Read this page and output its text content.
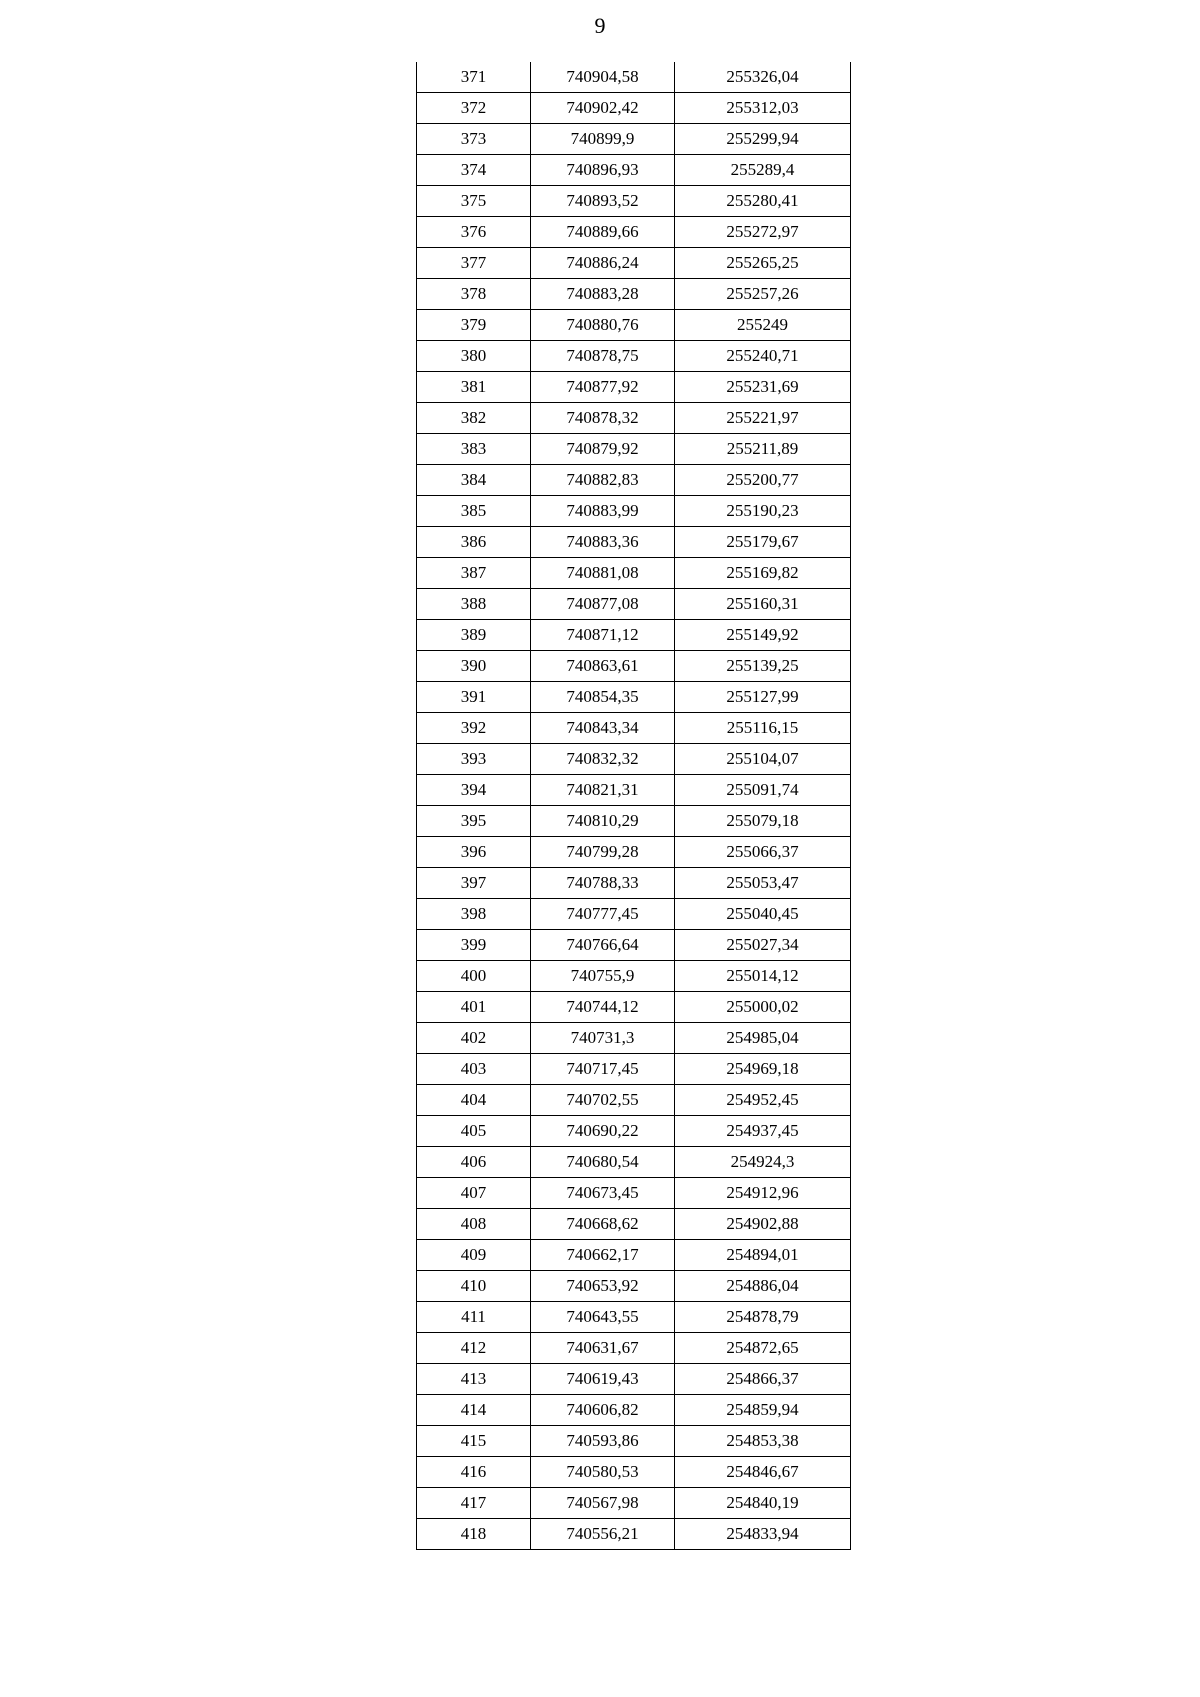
9
371	740904,58	255326,04
372	740902,42	255312,03
373	740899,9	255299,94
374	740896,93	255289,4
375	740893,52	255280,41
376	740889,66	255272,97
377	740886,24	255265,25
378	740883,28	255257,26
379	740880,76	255249
380	740878,75	255240,71
381	740877,92	255231,69
382	740878,32	255221,97
383	740879,92	255211,89
384	740882,83	255200,77
385	740883,99	255190,23
386	740883,36	255179,67
387	740881,08	255169,82
388	740877,08	255160,31
389	740871,12	255149,92
390	740863,61	255139,25
391	740854,35	255127,99
392	740843,34	255116,15
393	740832,32	255104,07
394	740821,31	255091,74
395	740810,29	255079,18
396	740799,28	255066,37
397	740788,33	255053,47
398	740777,45	255040,45
399	740766,64	255027,34
400	740755,9	255014,12
401	740744,12	255000,02
402	740731,3	254985,04
403	740717,45	254969,18
404	740702,55	254952,45
405	740690,22	254937,45
406	740680,54	254924,3
407	740673,45	254912,96
408	740668,62	254902,88
409	740662,17	254894,01
410	740653,92	254886,04
411	740643,55	254878,79
412	740631,67	254872,65
413	740619,43	254866,37
414	740606,82	254859,94
415	740593,86	254853,38
416	740580,53	254846,67
417	740567,98	254840,19
418	740556,21	254833,94
